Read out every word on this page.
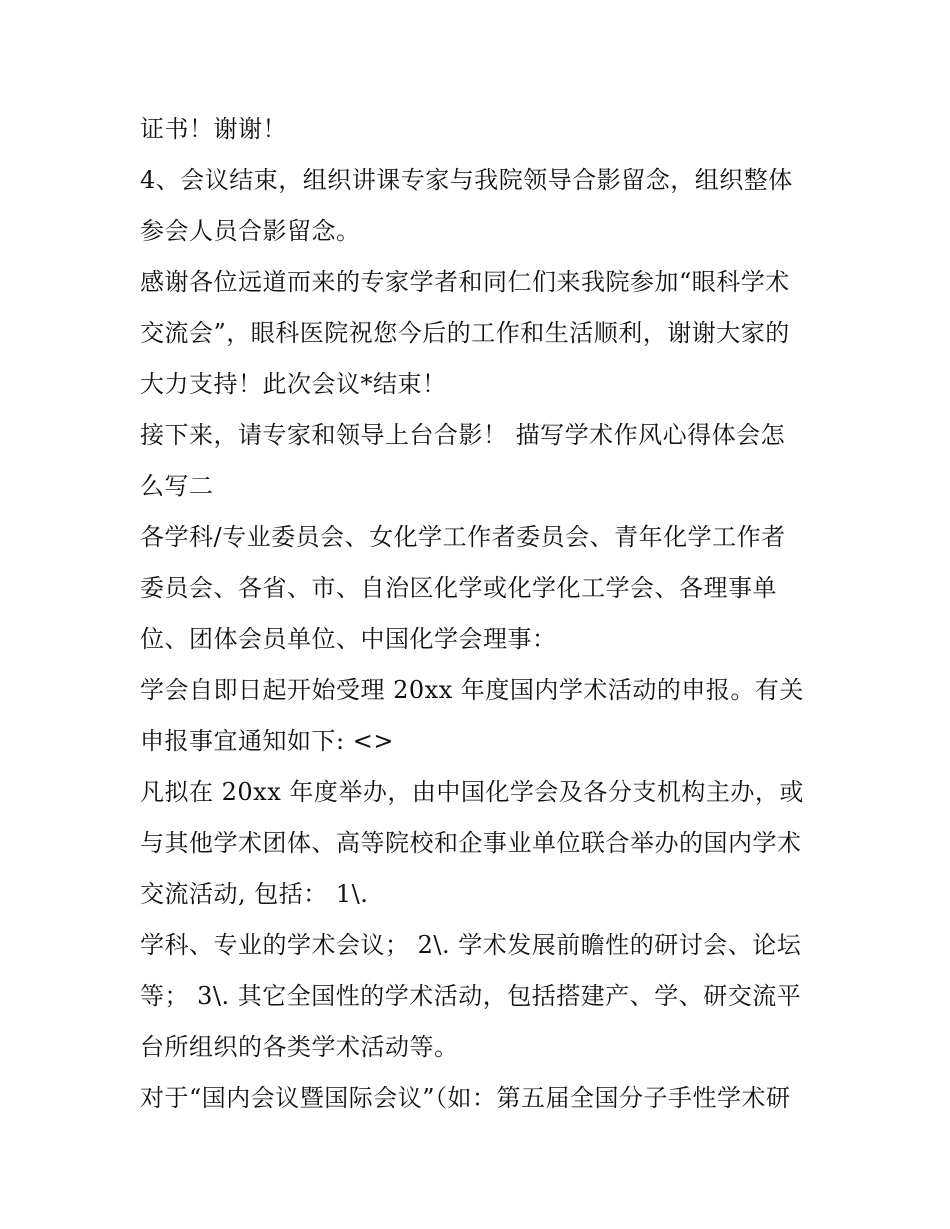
证书！谢谢！
4、会议结束，组织讲课专家与我院领导合影留念，组织整体
参会人员合影留念。
感谢各位远道而来的专家学者和同仁们来我院参加“眼科学术
交流会”，眼科医院祝您今后的工作和生活顺利，谢谢大家的
大力支持！此次会议*结束！
接下来，请专家和领导上台合影！ 描写学术作风心得体会怎
么写二
各学科/专业委员会、女化学工作者委员会、青年化学工作者
委员会、各省、市、自治区化学或化学化工学会、各理事单
位、团体会员单位、中国化学会理事：
学会自即日起开始受理 20xx 年度国内学术活动的申报。有关
申报事宜通知如下: <>
凡拟在 20xx 年度举办，由中国化学会及各分支机构主办，或
与其他学术团体、高等院校和企事业单位联合举办的国内学术
交流活动, 包括： 1\.
学科、专业的学术会议； 2\. 学术发展前瞻性的研讨会、论坛
等； 3\. 其它全国性的学术活动，包括搭建产、学、研交流平
台所组织的各类学术活动等。
对于“国内会议暨国际会议”（如：第五届全国分子手性学术研
